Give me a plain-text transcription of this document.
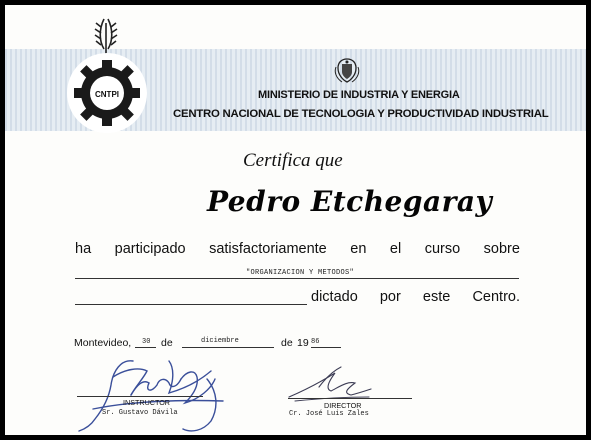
CNTPI	MINISTERIO DE INDUSTRIA Y ENERGIA
CENTRO NACIONAL DE TECNOLOGIA Y PRODUCTIVIDAD INDUSTRIAL
Certifica que
Pedro Etchegaray
ha participado satisfactoriamente en el curso sobre
"ORGANIZACION Y METODOS"
dictado por este Centro.
Montevideo, 30 de	diciembre	de 19 86
INSTRUCTOR
Sr. Gustavo Dávila
DIRECTOR
Cr. José Luis Zales
